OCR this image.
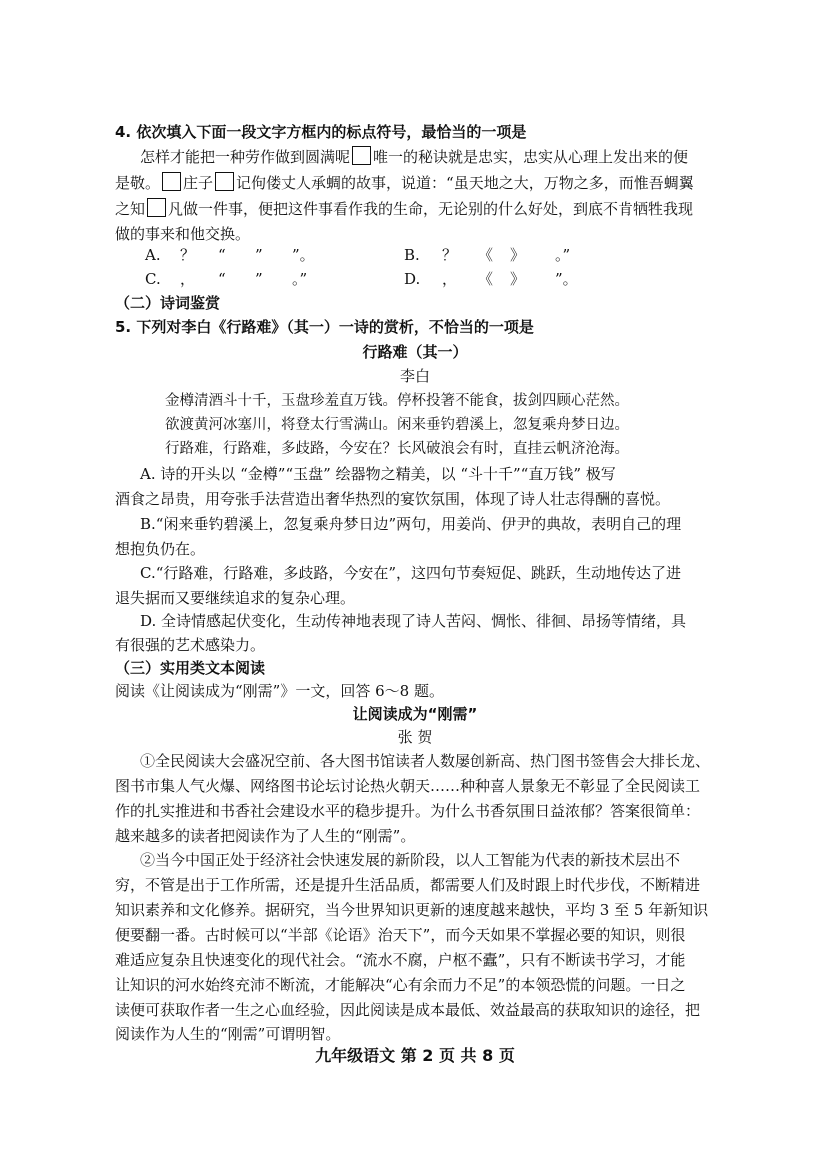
4. 依次填入下面一段文字方框内的标点符号，最恰当的一项是
怎样才能把一种劳作做到圆满呢 唯一的秘诀就是忠实，忠实从心理上发出来的便
是敬。 庄子 记佝偻丈人承蜩的故事，说道：“虽天地之大，万物之多，而惟吾蜩翼
之知 凡做一件事，便把这件事看作我的生命，无论别的什么好处，到底不肯牺牲我现
做的事来和他交换。
A. ？ “ ” ”。	B. ？ 《 》 。”
C. ， “ ” 。”	D. ， 《 》 ”。
（二）诗词鉴赏
5. 下列对李白《行路难》（其一）一诗的赏析，不恰当的一项是
行路难（其一）
李白
金樽清酒斗十千，玉盘珍羞直万钱。停杯投箸不能食，拔剑四顾心茫然。
欲渡黄河冰塞川，将登太行雪满山。闲来垂钓碧溪上，忽复乘舟梦日边。
行路难，行路难，多歧路，今安在？长风破浪会有时，直挂云帆济沧海。
A. 诗的开头以 “金樽”“玉盘” 绘器物之精美，以 “斗十千”“直万钱” 极写
酒食之昂贵，用夸张手法营造出奢华热烈的宴饮氛围，体现了诗人壮志得酬的喜悦。
B.“闲来垂钓碧溪上，忽复乘舟梦日边”两句，用姜尚、伊尹的典故，表明自己的理
想抱负仍在。
C.“行路难，行路难，多歧路，今安在”，这四句节奏短促、跳跃，生动地传达了进
退失据而又要继续追求的复杂心理。
D. 全诗情感起伏变化，生动传神地表现了诗人苦闷、惆怅、徘徊、昂扬等情绪，具
有很强的艺术感染力。
（三）实用类文本阅读
阅读《让阅读成为“刚需”》一文，回答 6～8 题。
让阅读成为“刚需”
张 贺
①全民阅读大会盛况空前、各大图书馆读者人数屡创新高、热门图书签售会大排长龙、
图书市集人气火爆、网络图书论坛讨论热火朝天……种种喜人景象无不彰显了全民阅读工
作的扎实推进和书香社会建设水平的稳步提升。为什么书香氛围日益浓郁？答案很简单：
越来越多的读者把阅读作为了人生的“刚需”。
②当今中国正处于经济社会快速发展的新阶段，以人工智能为代表的新技术层出不
穷，不管是出于工作所需，还是提升生活品质，都需要人们及时跟上时代步伐，不断精进
知识素养和文化修养。据研究，当今世界知识更新的速度越来越快，平均 3 至 5 年新知识
便要翻一番。古时候可以“半部《论语》治天下”，而今天如果不掌握必要的知识，则很
难适应复杂且快速变化的现代社会。“流水不腐，户枢不蠹”，只有不断读书学习，才能
让知识的河水始终充沛不断流，才能解决“心有余而力不足”的本领恐慌的问题。一日之
读便可获取作者一生之心血经验，因此阅读是成本最低、效益最高的获取知识的途径，把
阅读作为人生的“刚需”可谓明智。
九年级语文 第 2 页 共 8 页
